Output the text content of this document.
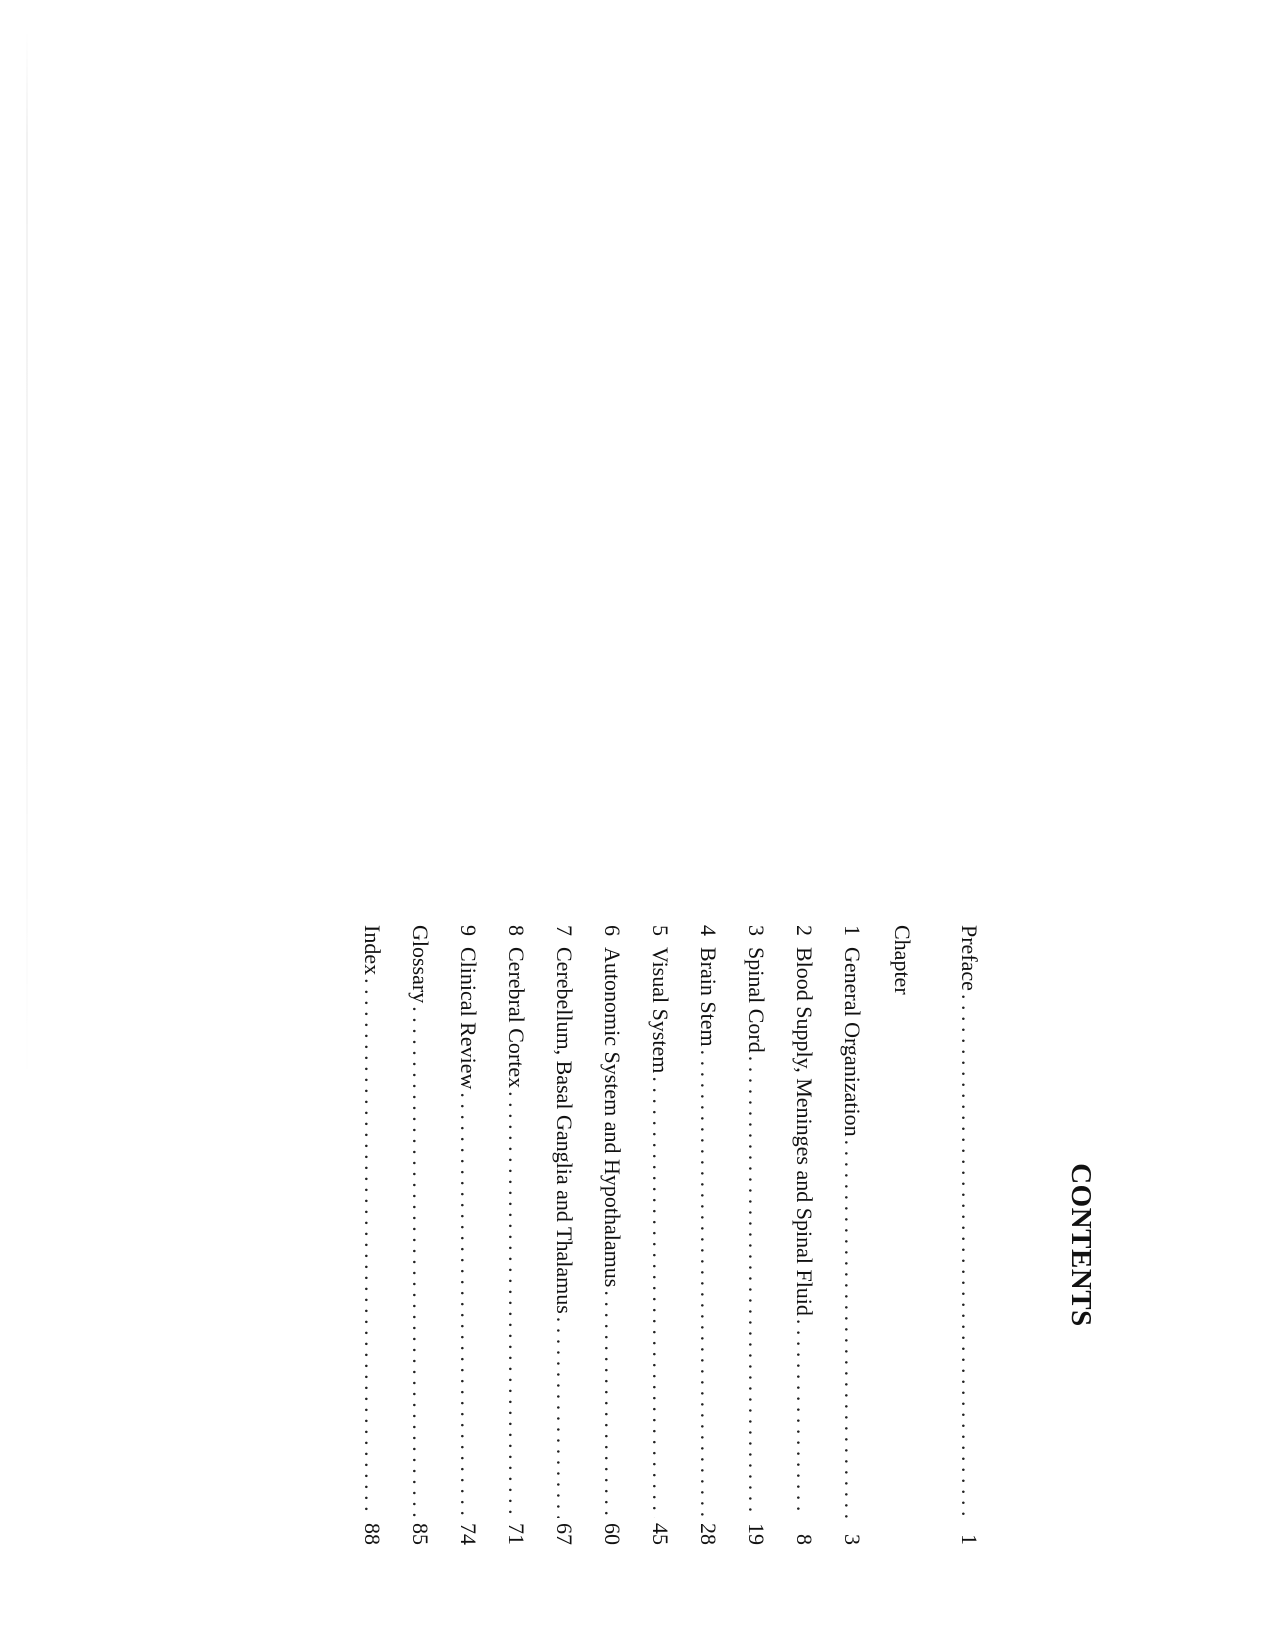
CONTENTS
Preface
. . .
1
Chapter
1
General Organization
. . .
3
2
Blood Supply, Meninges and Spinal Fluid
. . .
8
3
Spinal Cord
. . .
19
4
Brain Stem
. . .
28
5
Visual System
. . .
45
6
Autonomic System and Hypothalamus
. . .
60
7
Cerebellum, Basal Ganglia and Thalamus
. . .
67
8
Cerebral Cortex
. . .
71
9
Clinical Review
. . .
74
Glossary
. . .
85
Index
. . .
88
